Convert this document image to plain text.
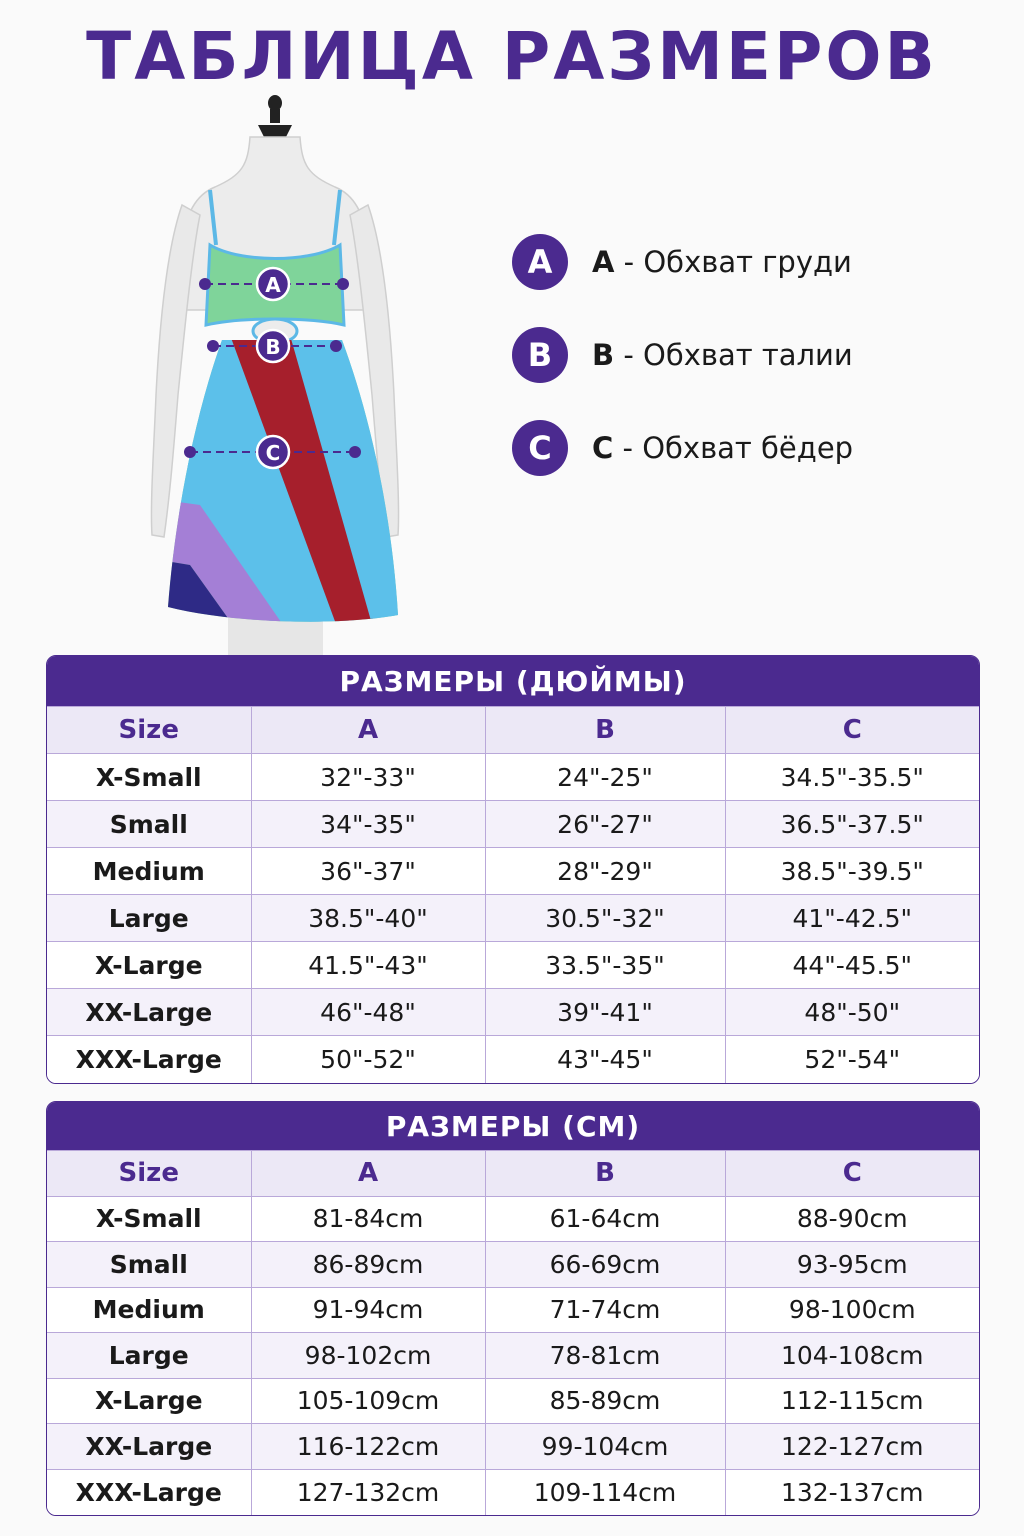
ТАБЛИЦА РАЗМЕРОВ
A
B
C
A	A - Обхват груди
B	B - Обхват талии
C	C - Обхват бёдер
РАЗМЕРЫ (ДЮЙМЫ)
Size	A	B	C
X-Small	32"-33"	24"-25"	34.5"-35.5"
Small	34"-35"	26"-27"	36.5"-37.5"
Medium	36"-37"	28"-29"	38.5"-39.5"
Large	38.5"-40"	30.5"-32"	41"-42.5"
X-Large	41.5"-43"	33.5"-35"	44"-45.5"
XX-Large	46"-48"	39"-41"	48"-50"
XXX-Large	50"-52"	43"-45"	52"-54"
РАЗМЕРЫ (CM)
Size	A	B	C
X-Small	81-84cm	61-64cm	88-90cm
Small	86-89cm	66-69cm	93-95cm
Medium	91-94cm	71-74cm	98-100cm
Large	98-102cm	78-81cm	104-108cm
X-Large	105-109cm	85-89cm	112-115cm
XX-Large	116-122cm	99-104cm	122-127cm
XXX-Large	127-132cm	109-114cm	132-137cm
